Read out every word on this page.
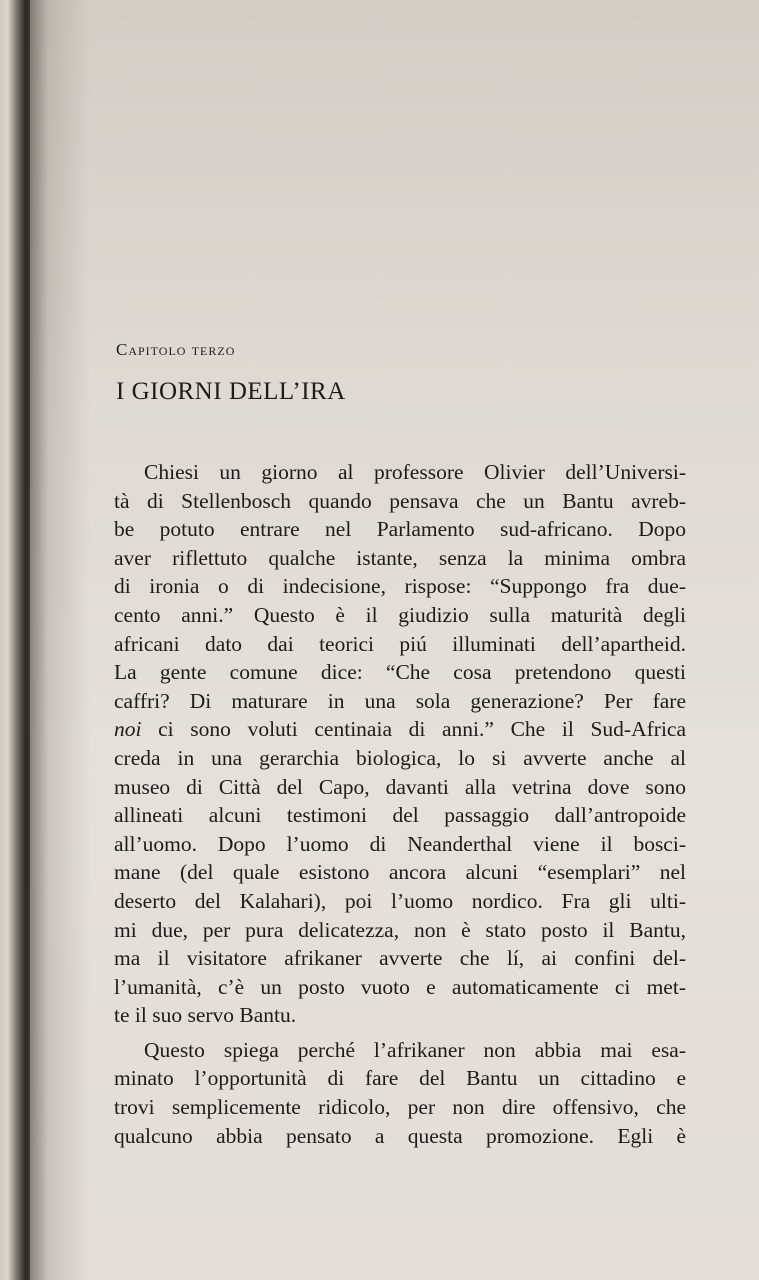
Capitolo terzo
I GIORNI DELL’IRA

Chiesi un giorno al professore Olivier dell’Universi-
tà di Stellenbosch quando pensava che un Bantu avreb-
be potuto entrare nel Parlamento sud-africano. Dopo
aver riflettuto qualche istante, senza la minima ombra
di ironia o di indecisione, rispose: “Suppongo fra due-
cento anni.” Questo è il giudizio sulla maturità degli
africani dato dai teorici piú illuminati dell’apartheid.
La gente comune dice: “Che cosa pretendono questi
caffri? Di maturare in una sola generazione? Per fare
noi ci sono voluti centinaia di anni.” Che il Sud-Africa
creda in una gerarchia biologica, lo si avverte anche al
museo di Città del Capo, davanti alla vetrina dove sono
allineati alcuni testimoni del passaggio dall’antropoide
all’uomo. Dopo l’uomo di Neanderthal viene il bosci-
mane (del quale esistono ancora alcuni “esemplari” nel
deserto del Kalahari), poi l’uomo nordico. Fra gli ulti-
mi due, per pura delicatezza, non è stato posto il Bantu,
ma il visitatore afrikaner avverte che lí, ai confini del-
l’umanità, c’è un posto vuoto e automaticamente ci met-
te il suo servo Bantu.

Questo spiega perché l’afrikaner non abbia mai esa-
minato l’opportunità di fare del Bantu un cittadino e
trovi semplicemente ridicolo, per non dire offensivo, che
qualcuno abbia pensato a questa promozione. Egli è
